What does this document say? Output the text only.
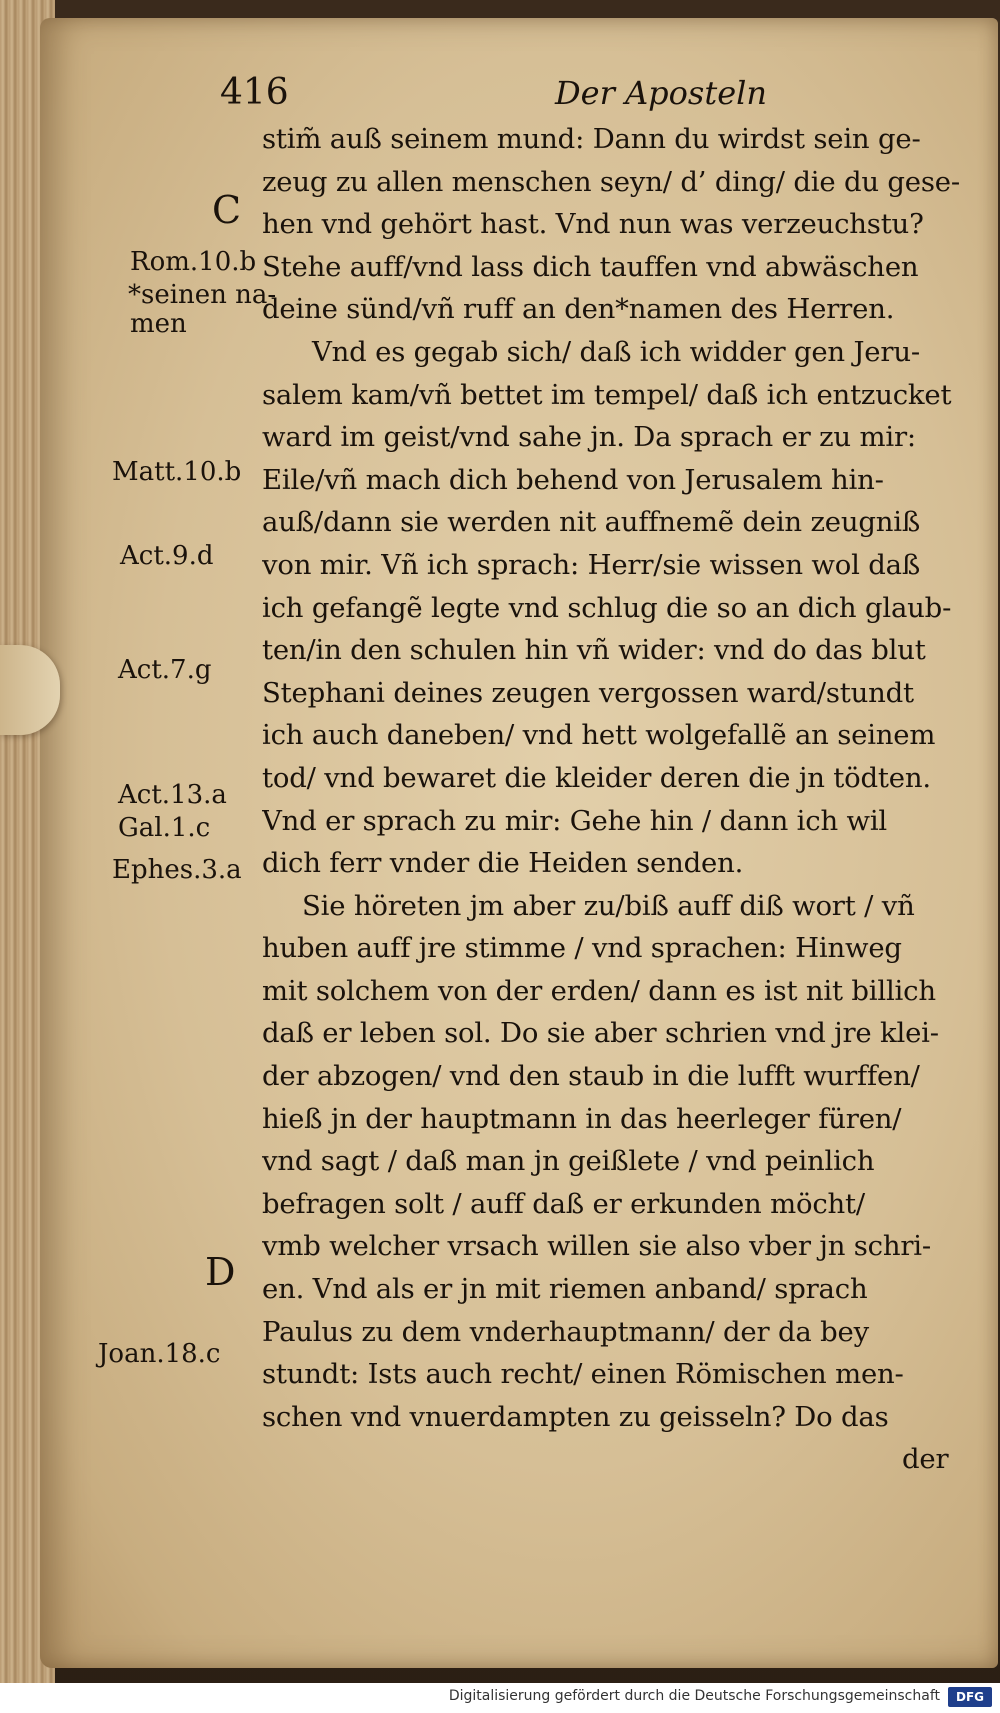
416	Der Aposteln
C
Rom.10.b
*seinen na-
men
Matt.10.b
Act.9.d
Act.7.g
Act.13.a
Gal.1.c
Ephes.3.a
D
Joan.18.c
stim̃ auß seinem mund: Dann du wirdst sein ge-
zeug zu allen menschen seyn/ d’ ding/ die du gese-
hen vnd gehört hast. Vnd nun was verzeuchstu?
Stehe auff/vnd lass dich tauffen vnd abwäschen
deine sünd/vñ ruff an den*namen des Herren.
Vnd es gegab sich/ daß ich widder gen Jeru-
salem kam/vñ bettet im tempel/ daß ich entzucket
ward im geist/vnd sahe jn. Da sprach er zu mir:
Eile/vñ mach dich behend von Jerusalem hin-
auß/dann sie werden nit auffnemẽ dein zeugniß
von mir. Vñ ich sprach: Herr/sie wissen wol daß
ich gefangẽ legte vnd schlug die so an dich glaub-
ten/in den schulen hin vñ wider: vnd do das blut
Stephani deines zeugen vergossen ward/stundt
ich auch daneben/ vnd hett wolgefallẽ an seinem
tod/ vnd bewaret die kleider deren die jn tödten.
Vnd er sprach zu mir: Gehe hin / dann ich wil
dich ferr vnder die Heiden senden.
Sie höreten jm aber zu/biß auff diß wort / vñ
huben auff jre stimme / vnd sprachen: Hinweg
mit solchem von der erden/ dann es ist nit billich
daß er leben sol. Do sie aber schrien vnd jre klei-
der abzogen/ vnd den staub in die lufft wurffen/
hieß jn der hauptmann in das heerleger füren/
vnd sagt / daß man jn geißlete / vnd peinlich
befragen solt / auff daß er erkunden möcht/
vmb welcher vrsach willen sie also vber jn schri-
en. Vnd als er jn mit riemen anband/ sprach
Paulus zu dem vnderhauptmann/ der da bey
stundt: Ists auch recht/ einen Römischen men-
schen vnd vnuerdampten zu geisseln? Do das
der
Digitalisierung gefördert durch die Deutsche Forschungsgemeinschaft	DFG
